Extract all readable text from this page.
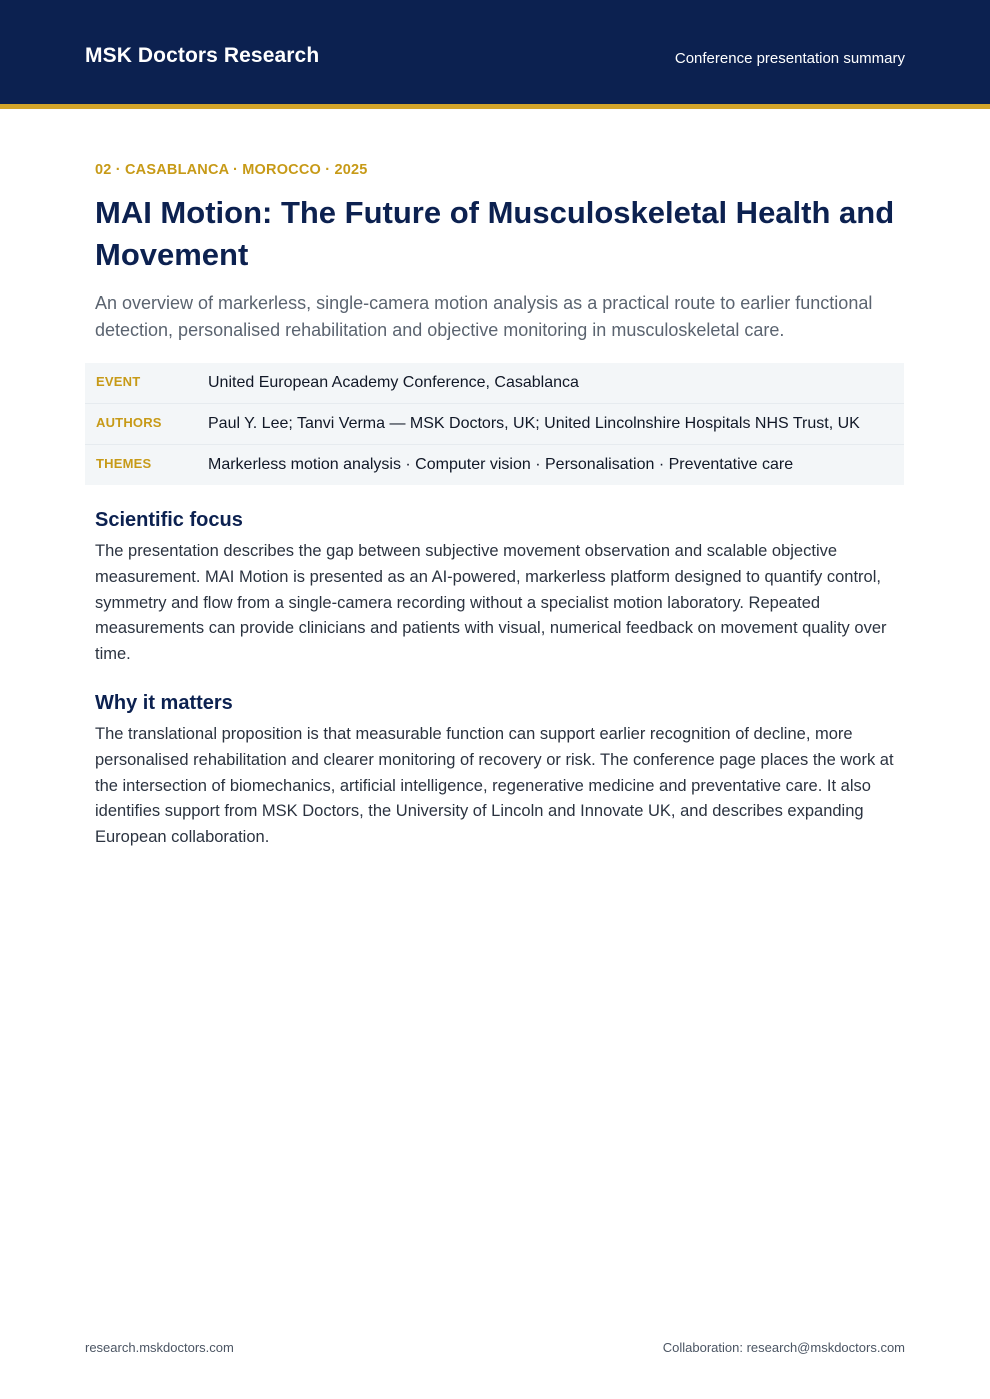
MSK Doctors Research	Conference presentation summary

02 · CASABLANCA · MOROCCO · 2025

MAI Motion: The Future of Musculoskeletal Health and Movement

An overview of markerless, single-camera motion analysis as a practical route to earlier functional detection, personalised rehabilitation and objective monitoring in musculoskeletal care.

EVENT	United European Academy Conference, Casablanca
AUTHORS	Paul Y. Lee; Tanvi Verma — MSK Doctors, UK; United Lincolnshire Hospitals NHS Trust, UK
THEMES	Markerless motion analysis · Computer vision · Personalisation · Preventative care
Scientific focus

The presentation describes the gap between subjective movement observation and scalable objective measurement. MAI Motion is presented as an AI-powered, markerless platform designed to quantify control, symmetry and flow from a single-camera recording without a specialist motion laboratory. Repeated measurements can provide clinicians and patients with visual, numerical feedback on movement quality over time.

Why it matters

The translational proposition is that measurable function can support earlier recognition of decline, more personalised rehabilitation and clearer monitoring of recovery or risk. The conference page places the work at the intersection of biomechanics, artificial intelligence, regenerative medicine and preventative care. It also identifies support from MSK Doctors, the University of Lincoln and Innovate UK, and describes expanding European collaboration.

research.mskdoctors.com	Collaboration: research@mskdoctors.com
